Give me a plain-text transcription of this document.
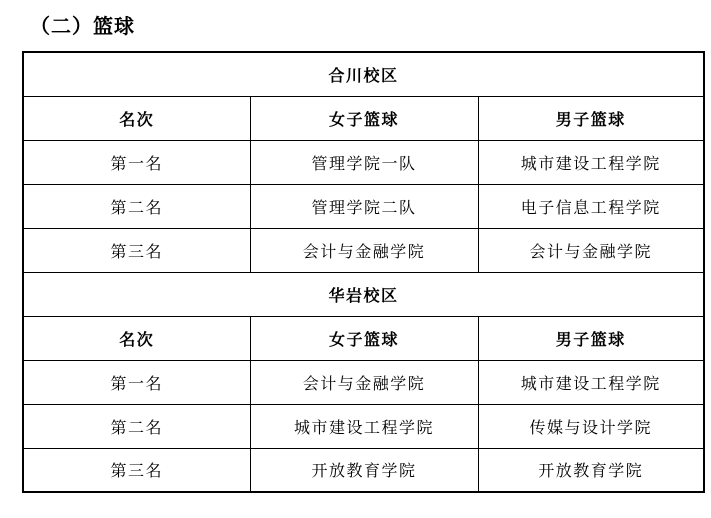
（二）篮球
合川校区		
名次	女子篮球	男子篮球
第一名	管理学院一队	城市建设工程学院
第二名	管理学院二队	电子信息工程学院
第三名	会计与金融学院	会计与金融学院
华岩校区		
名次	女子篮球	男子篮球
第一名	会计与金融学院	城市建设工程学院
第二名	城市建设工程学院	传媒与设计学院
第三名	开放教育学院	开放教育学院
